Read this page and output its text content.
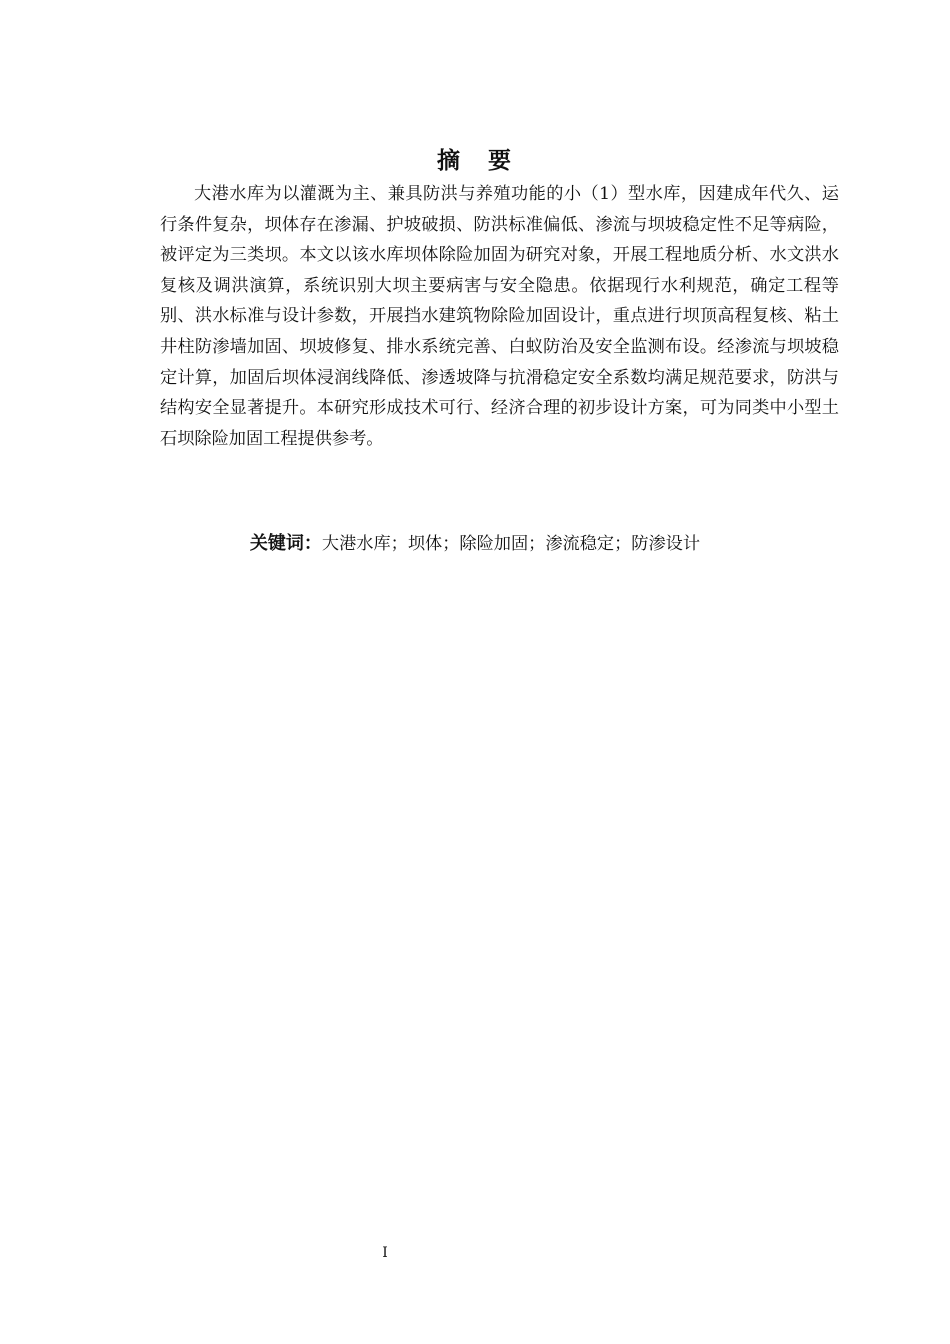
摘 要

大港水库为以灌溉为主、兼具防洪与养殖功能的小（1）型水库，因建成年代久、运行条件复杂，坝体存在渗漏、护坡破损、防洪标准偏低、渗流与坝坡稳定性不足等病险，被评定为三类坝。本文以该水库坝体除险加固为研究对象，开展工程地质分析、水文洪水复核及调洪演算，系统识别大坝主要病害与安全隐患。依据现行水利规范，确定工程等别、洪水标准与设计参数，开展挡水建筑物除险加固设计，重点进行坝顶高程复核、粘土井柱防渗墙加固、坝坡修复、排水系统完善、白蚁防治及安全监测布设。经渗流与坝坡稳定计算，加固后坝体浸润线降低、渗透坡降与抗滑稳定安全系数均满足规范要求，防洪与结构安全显著提升。本研究形成技术可行、经济合理的初步设计方案，可为同类中小型土石坝除险加固工程提供参考。

关键词：大港水库；坝体；除险加固；渗流稳定；防渗设计
I
